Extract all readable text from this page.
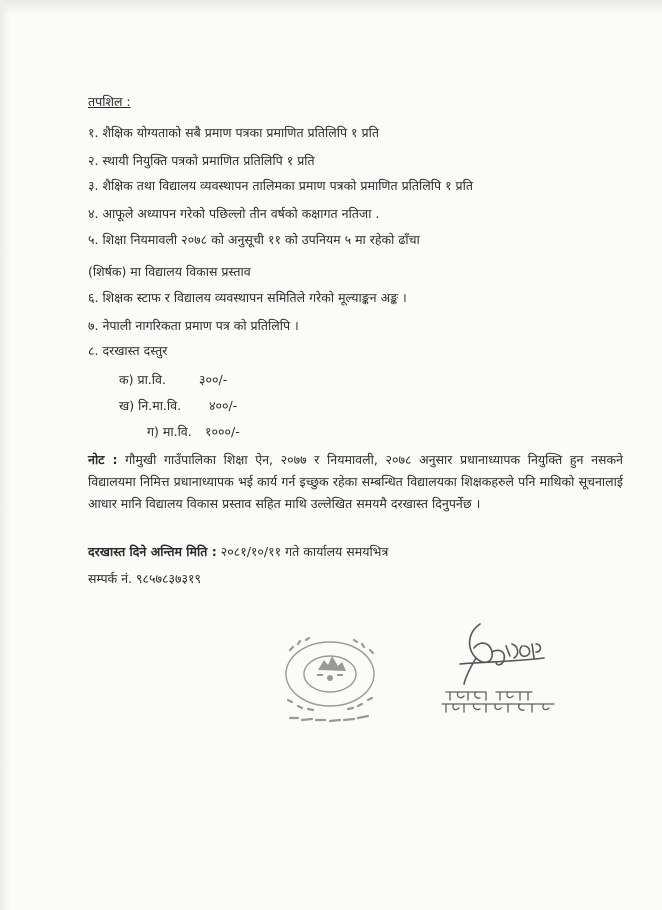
तपशिल :
१. शैक्षिक योग्यताको सबै प्रमाण पत्रका प्रमाणित प्रतिलिपि १ प्रति
२. स्थायी नियुक्ति पत्रको प्रमाणित प्रतिलिपि १ प्रति
३. शैक्षिक तथा विद्यालय व्यवस्थापन तालिमका प्रमाण पत्रको प्रमाणित प्रतिलिपि १ प्रति
४. आफूले अध्यापन गरेको पछिल्लो तीन वर्षको कक्षागत नतिजा .
५. शिक्षा नियमावली २०७८ को अनुसूची ११ को उपनियम ५ मा रहेको ढाँचा
(शिर्षक) मा विद्यालय विकास प्रस्ताव
६. शिक्षक स्टाफ र विद्यालय व्यवस्थापन समितिले गरेको मूल्याङ्कन अङ्क ।
७. नेपाली नागरिकता प्रमाण पत्र को प्रतिलिपि ।
८. दरखास्त दस्तुर
क) प्रा.वि.	३००/-
ख) नि.मा.वि. ४००/-
ग) मा.वि. १०००/-
नोट : गौमुखी गाउँपालिका शिक्षा ऐन, २०७७ र नियमावली, २०७८ अनुसार प्रधानाध्यापक नियुक्ति हुन नसकने विद्यालयमा निमित्त प्रधानाध्यापक भई कार्य गर्न इच्छुक रहेका सम्बन्धित विद्यालयका शिक्षकहरुले पनि माथिको सूचनालाई आधार मानि विद्यालय विकास प्रस्ताव सहित माथि उल्लेखित समयमै दरखास्त दिनुपर्नेछ ।
दरखास्त दिने अन्तिम मिति : २०८१/१०/११ गते कार्यालय समयभित्र
सम्पर्क नं. ९८५७८३७३१९
